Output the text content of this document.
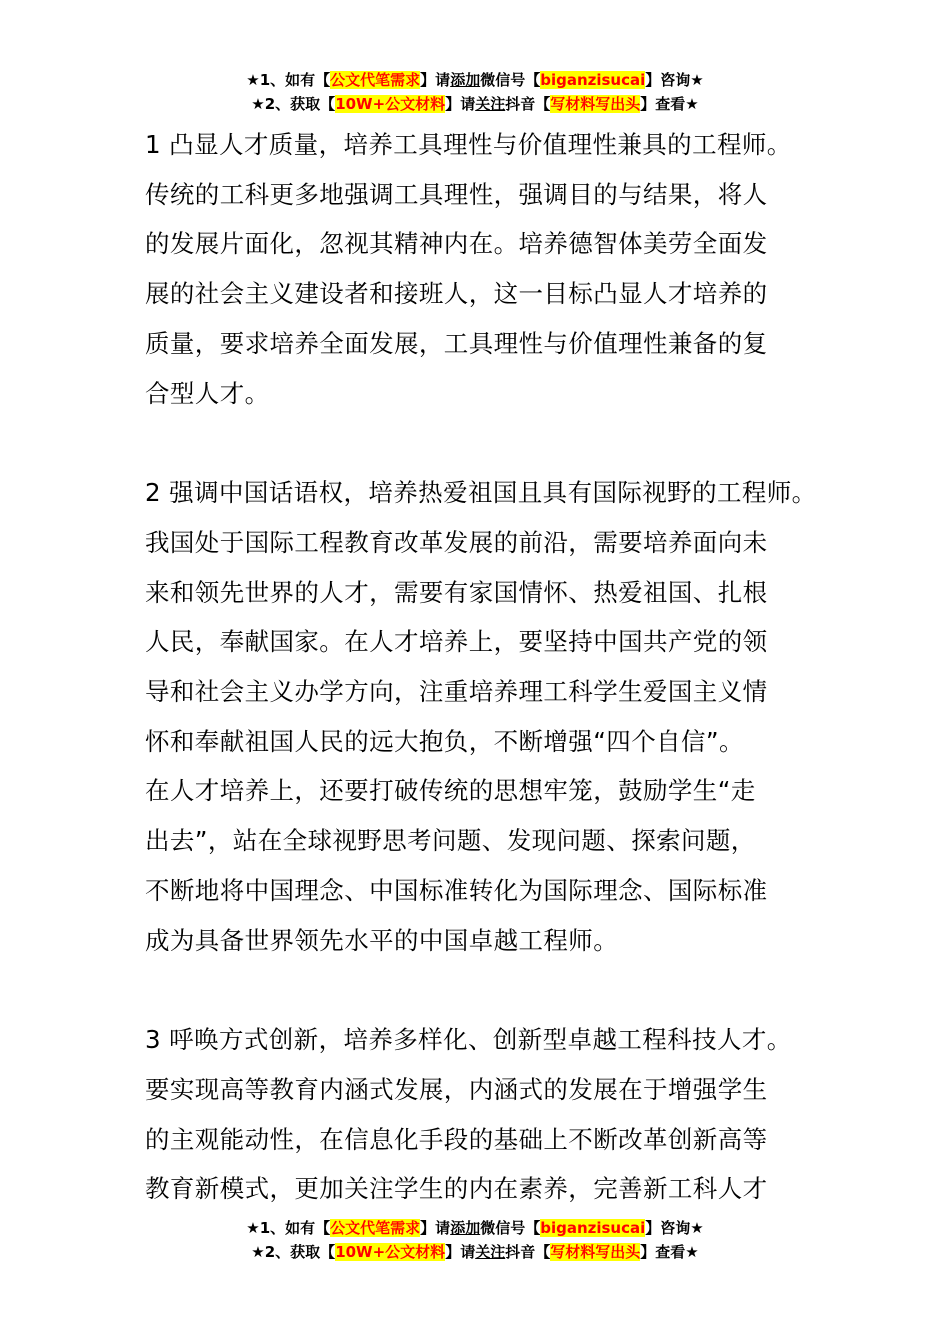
★1、如有【公文代笔需求】请添加微信号【biganzisucai】咨询★
★2、获取【10W+公文材料】请关注抖音【写材料写出头】查看★

1 凸显人才质量，培养工具理性与价值理性兼具的工程师。
传统的工科更多地强调工具理性，强调目的与结果，将人
的发展片面化，忽视其精神内在。培养德智体美劳全面发
展的社会主义建设者和接班人，这一目标凸显人才培养的
质量，要求培养全面发展，工具理性与价值理性兼备的复
合型人才。

2 强调中国话语权，培养热爱祖国且具有国际视野的工程师。
我国处于国际工程教育改革发展的前沿，需要培养面向未
来和领先世界的人才，需要有家国情怀、热爱祖国、扎根
人民，奉献国家。在人才培养上，要坚持中国共产党的领
导和社会主义办学方向，注重培养理工科学生爱国主义情
怀和奉献祖国人民的远大抱负，不断增强“四个自信”。
在人才培养上，还要打破传统的思想牢笼，鼓励学生“走
出去”，站在全球视野思考问题、发现问题、探索问题，
不断地将中国理念、中国标准转化为国际理念、国际标准
成为具备世界领先水平的中国卓越工程师。

3 呼唤方式创新，培养多样化、创新型卓越工程科技人才。
要实现高等教育内涵式发展，内涵式的发展在于增强学生
的主观能动性，在信息化手段的基础上不断改革创新高等
教育新模式，更加关注学生的内在素养，完善新工科人才

★1、如有【公文代笔需求】请添加微信号【biganzisucai】咨询★
★2、获取【10W+公文材料】请关注抖音【写材料写出头】查看★
